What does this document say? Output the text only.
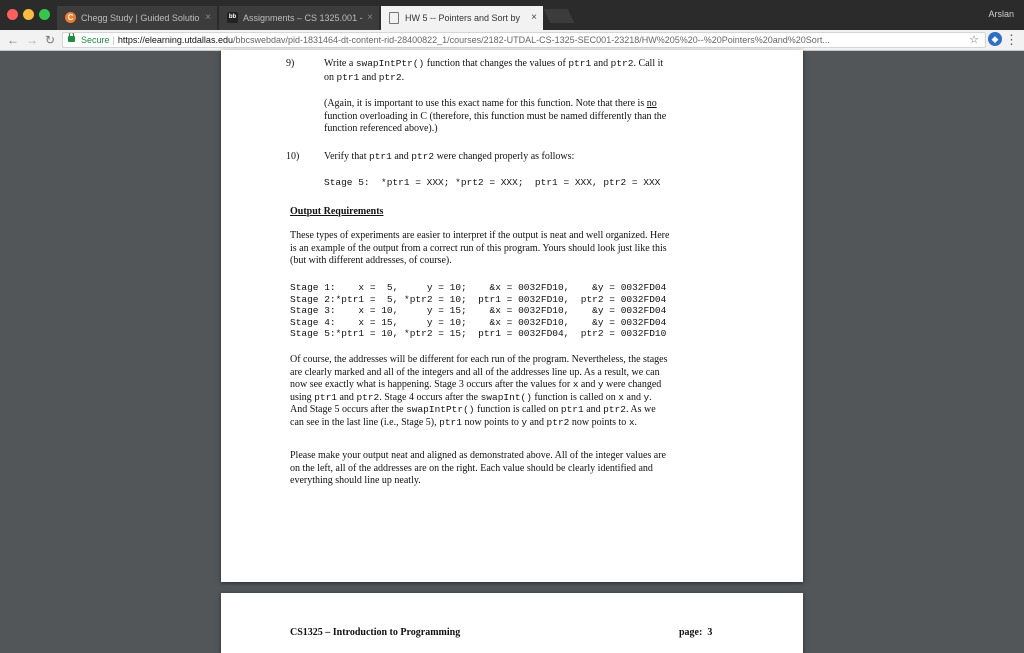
C Chegg Study | Guided Solutio ×	bb Assignments – CS 1325.001 - ×	HW 5 -- Pointers and Sort by ×	Arslan
← → ↻	Secure | https://elearning.utdallas.edu/bbcswebdav/pid-1831464-dt-content-rid-28400822_1/courses/2182-UTDAL-CS-1325-SEC001-23218/HW%205%20--%20Pointers%20and%20Sort...	☆	◆ ⋮
9)	Write a swapIntPtr() function that changes the values of ptr1 and ptr2. Call it
on ptr1 and ptr2.
(Again, it is important to use this exact name for this function. Note that there is no
function overloading in C (therefore, this function must be named differently than the
function referenced above).)
10) Verify that ptr1 and ptr2 were changed properly as follows:
Stage 5:  *ptr1 = XXX; *prt2 = XXX;  ptr1 = XXX, ptr2 = XXX
Output Requirements
These types of experiments are easier to interpret if the output is neat and well organized. Here
is an example of the output from a correct run of this program. Yours should look just like this
(but with different addresses, of course).
Stage 1:	x =	5,	y =	10;	&x =	0032FD10,	&y =	0032FD04
Stage 2:	*ptr1 =	5,	*ptr2 =	10;	ptr1 =	0032FD10,	ptr2 =	0032FD04
Stage 3:	x =	10,	y =	15;	&x =	0032FD10,	&y =	0032FD04
Stage 4:	x =	15,	y =	10;	&x =	0032FD10,	&y =	0032FD04
Stage 5:	*ptr1 =	10,	*ptr2 =	15;	ptr1 =	0032FD04,	ptr2 =	0032FD10
Of course, the addresses will be different for each run of the program. Nevertheless, the stages
are clearly marked and all of the integers and all of the addresses line up. As a result, we can
now see exactly what is happening. Stage 3 occurs after the values for x and y were changed
using ptr1 and ptr2. Stage 4 occurs after the swapInt() function is called on x and y.
And Stage 5 occurs after the swapIntPtr() function is called on ptr1 and ptr2. As we
can see in the last line (i.e., Stage 5), ptr1 now points to y and ptr2 now points to x.
Please make your output neat and aligned as demonstrated above. All of the integer values are
on the left, all of the addresses are on the right. Each value should be clearly identified and
everything should line up neatly.
CS1325 – Introduction to Programming	page:  3
